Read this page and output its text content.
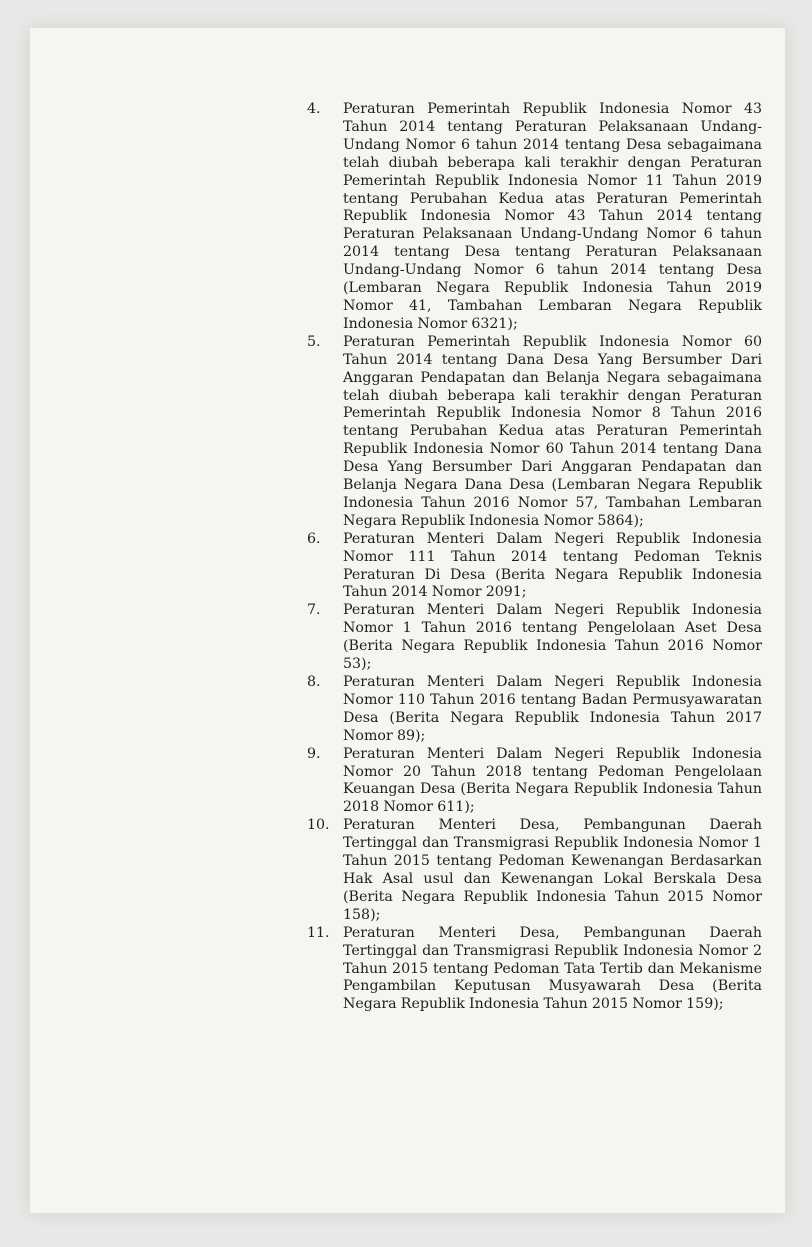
4.	Peraturan Pemerintah Republik Indonesia Nomor 43 Tahun 2014 tentang Peraturan Pelaksanaan Undang-Undang Nomor 6 tahun 2014 tentang Desa sebagaimana telah diubah beberapa kali terakhir dengan Peraturan Pemerintah Republik Indonesia Nomor 11 Tahun 2019 tentang Perubahan Kedua atas Peraturan Pemerintah Republik Indonesia Nomor 43 Tahun 2014 tentang Peraturan Pelaksanaan Undang-Undang Nomor 6 tahun 2014 tentang Desa tentang Peraturan Pelaksanaan Undang-Undang Nomor 6 tahun 2014 tentang Desa (Lembaran Negara Republik Indonesia Tahun 2019 Nomor 41, Tambahan Lembaran Negara Republik Indonesia Nomor 6321);
5.	Peraturan Pemerintah Republik Indonesia Nomor 60 Tahun 2014 tentang Dana Desa Yang Bersumber Dari Anggaran Pendapatan dan Belanja Negara sebagaimana telah diubah beberapa kali terakhir dengan Peraturan Pemerintah Republik Indonesia Nomor 8 Tahun 2016 tentang Perubahan Kedua atas Peraturan Pemerintah Republik Indonesia Nomor 60 Tahun 2014 tentang Dana Desa Yang Bersumber Dari Anggaran Pendapatan dan Belanja Negara Dana Desa (Lembaran Negara Republik Indonesia Tahun 2016 Nomor 57, Tambahan Lembaran Negara Republik Indonesia Nomor 5864);
6.	Peraturan Menteri Dalam Negeri Republik Indonesia Nomor 111 Tahun 2014 tentang Pedoman Teknis Peraturan Di Desa (Berita Negara Republik Indonesia Tahun 2014 Nomor 2091;
7.	Peraturan Menteri Dalam Negeri Republik Indonesia Nomor 1 Tahun 2016 tentang Pengelolaan Aset Desa (Berita Negara Republik Indonesia Tahun 2016 Nomor 53);
8.	Peraturan Menteri Dalam Negeri Republik Indonesia Nomor 110 Tahun 2016 tentang Badan Permusyawaratan Desa (Berita Negara Republik Indonesia Tahun 2017 Nomor 89);
9.	Peraturan Menteri Dalam Negeri Republik Indonesia Nomor 20 Tahun 2018 tentang Pedoman Pengelolaan Keuangan Desa (Berita Negara Republik Indonesia Tahun 2018 Nomor 611);
10. Peraturan Menteri Desa, Pembangunan Daerah Tertinggal dan Transmigrasi Republik Indonesia Nomor 1 Tahun 2015 tentang Pedoman Kewenangan Berdasarkan Hak Asal usul dan Kewenangan Lokal Berskala Desa (Berita Negara Republik Indonesia Tahun 2015 Nomor 158);
11. Peraturan Menteri Desa, Pembangunan Daerah Tertinggal dan Transmigrasi Republik Indonesia Nomor 2 Tahun 2015 tentang Pedoman Tata Tertib dan Mekanisme Pengambilan Keputusan Musyawarah Desa (Berita Negara Republik Indonesia Tahun 2015 Nomor 159);
